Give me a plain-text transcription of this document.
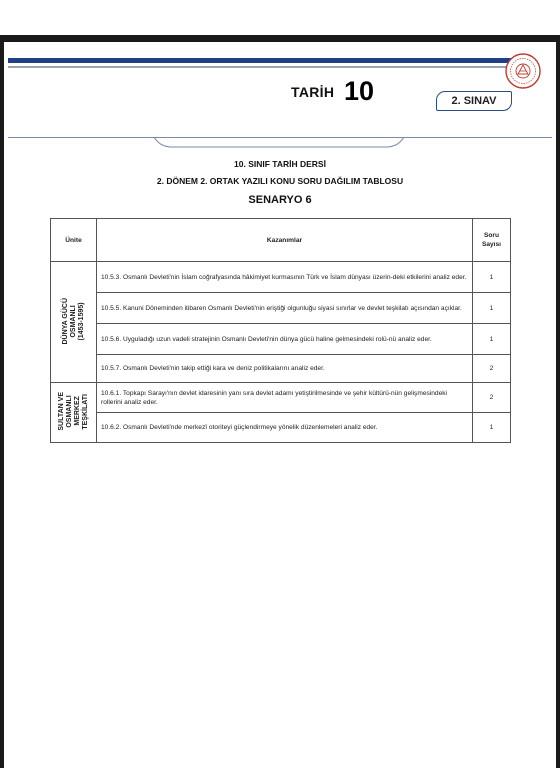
TARİH 10	2. SINAV
10. SINIF TARİH DERSİ
2. DÖNEM 2. ORTAK YAZILI KONU SORU DAĞILIM TABLOSU
SENARYO 6
Ünite	Kazanımlar	Soru
Sayısı
DÜNYA GÜCÜ
OSMANLI
(1453-1595)	10.5.3. Osmanlı Devleti'nin İslam coğrafyasında hâkimiyet kurmasının Türk ve İslam dünyası üzerin-deki etkilerini analiz eder.	1
	10.5.5. Kanuni Döneminden itibaren Osmanlı Devleti'nin eriştiği olgunluğu siyasi sınırlar ve devlet teşkilatı açısından açıklar.	1
	10.5.6. Uyguladığı uzun vadeli stratejinin Osmanlı Devleti'nin dünya gücü haline gelmesindeki rolü-nü analiz eder.	1
	10.5.7. Osmanlı Devleti'nin takip ettiği kara ve deniz politikalarını analiz eder.	2
SULTAN VE
OSMANLI
MERKEZ
TEŞKİLATI	10.6.1. Topkapı Sarayı'nın devlet idaresinin yanı sıra devlet adamı yetiştirilmesinde ve şehir kültürü-nün gelişmesindeki rollerini analiz eder.	2
	10.6.2. Osmanlı Devleti'nde merkezî otoriteyi güçlendirmeye yönelik düzenlemeleri analiz eder.	1
